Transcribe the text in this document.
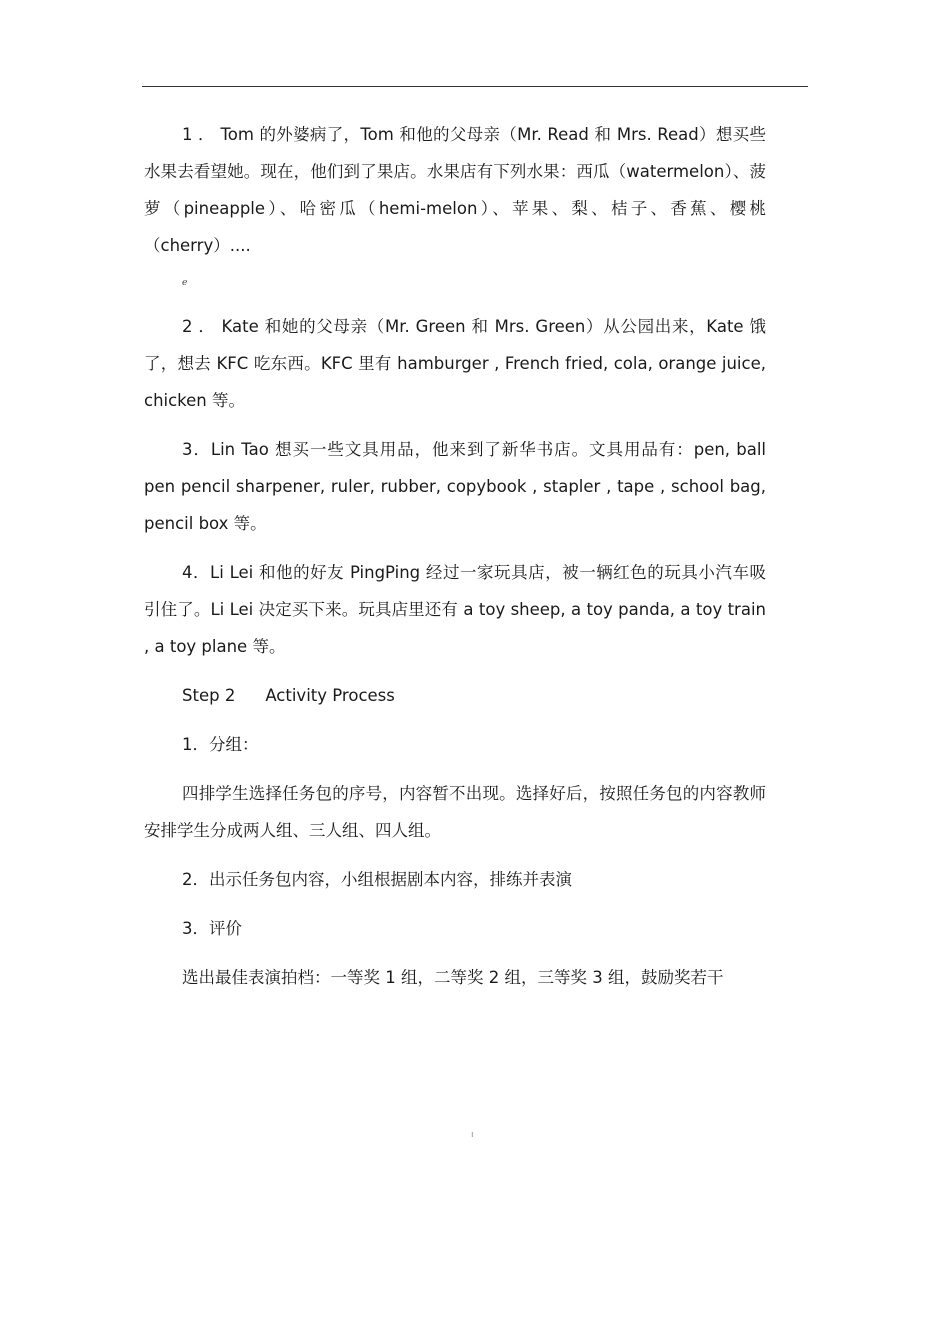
1 ． Tom 的外婆病了，Tom 和他的父母亲（Mr. Read 和 Mrs. Read）想买些水果去看望她。现在，他们到了果店。水果店有下列水果：西瓜（watermelon）、菠萝（pineapple）、哈密瓜（hemi-melon）、苹果、梨、桔子、香蕉、樱桃（cherry）....

ℯ

2 ． Kate 和她的父母亲（Mr. Green 和 Mrs. Green）从公园出来，Kate 饿了，想去 KFC 吃东西。KFC 里有 hamburger , French fried, cola, orange juice, chicken 等。

3．Lin Tao 想买一些文具用品，他来到了新华书店。文具用品有：pen, ball pen pencil sharpener, ruler, rubber, copybook , stapler , tape , school bag, pencil box 等。

4．Li Lei 和他的好友 PingPing 经过一家玩具店，被一辆红色的玩具小汽车吸引住了。Li Lei 决定买下来。玩具店里还有 a toy sheep, a toy panda, a toy train , a toy plane 等。

Step 2 Activity Process

1．分组：

四排学生选择任务包的序号，内容暂不出现。选择好后，按照任务包的内容教师安排学生分成两人组、三人组、四人组。

2．出示任务包内容，小组根据剧本内容，排练并表演

3．评价

选出最佳表演拍档：一等奖 1 组，二等奖 2 组，三等奖 3 组，鼓励奖若干

ı
